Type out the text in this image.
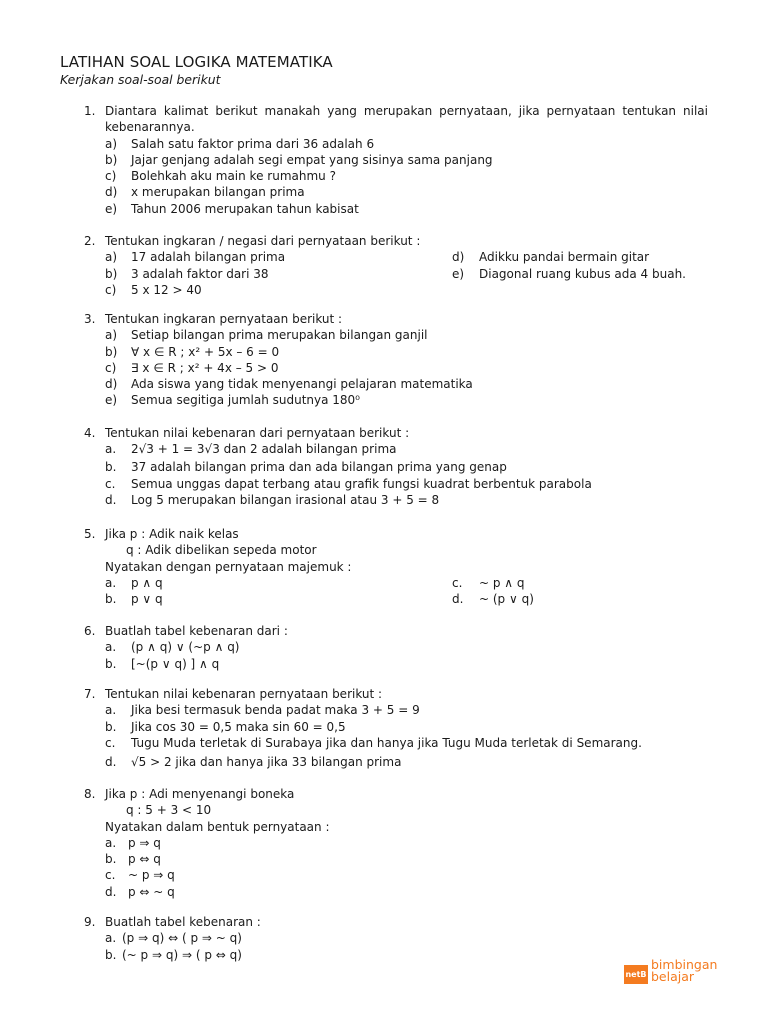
LATIHAN SOAL LOGIKA MATEMATIKA
Kerjakan soal-soal berikut
1. Diantara kalimat berikut manakah yang merupakan pernyataan, jika pernyataan tentukan nilai kebenarannya.
a) Salah satu faktor prima dari 36 adalah 6
b) Jajar genjang adalah segi empat yang sisinya sama panjang
c) Bolehkah aku main ke rumahmu ?
d) x merupakan bilangan prima
e) Tahun 2006 merupakan tahun kabisat
2. Tentukan ingkaran / negasi dari pernyataan berikut :
a) 17 adalah bilangan prima	d) Adikku pandai bermain gitar
b) 3 adalah faktor dari 38	e) Diagonal ruang kubus ada 4 buah.
c) 5 x 12 > 40
3. Tentukan ingkaran pernyataan berikut :
a) Setiap bilangan prima merupakan bilangan ganjil
b) ∀ x ∈ R ; x² + 5x – 6 = 0
c) ∃ x ∈ R ; x² + 4x – 5 > 0
d) Ada siswa yang tidak menyenangi pelajaran matematika
e) Semua segitiga jumlah sudutnya 180⁰
4. Tentukan nilai kebenaran dari pernyataan berikut :
a. 2√3 + 1 = 3√3 dan 2 adalah bilangan prima
b. 37 adalah bilangan prima dan ada bilangan prima yang genap
c. Semua unggas dapat terbang atau grafik fungsi kuadrat berbentuk parabola
d. Log 5 merupakan bilangan irasional atau 3 + 5 = 8
5. Jika p : Adik naik kelas
q : Adik dibelikan sepeda motor
Nyatakan dengan pernyataan majemuk :
a. p ∧ q	c. ~ p ∧ q
b. p ∨ q	d. ~ (p ∨ q)
6. Buatlah tabel kebenaran dari :
a. (p ∧ q) ∨ (~p ∧ q)
b. [~(p ∨ q) ] ∧ q
7. Tentukan nilai kebenaran pernyataan berikut :
a. Jika besi termasuk benda padat maka 3 + 5 = 9
b. Jika cos 30 = 0,5 maka sin 60 = 0,5
c. Tugu Muda terletak di Surabaya jika dan hanya jika Tugu Muda terletak di Semarang.
d. √5 > 2 jika dan hanya jika 33 bilangan prima
8. Jika p : Adi menyenangi boneka
q : 5 + 3 < 10
Nyatakan dalam bentuk pernyataan :
a. p ⇒ q
b. p ⇔ q
c. ~ p ⇒ q
d. p ⇔ ~ q
9. Buatlah tabel kebenaran :
a. (p ⇒ q) ⇔ ( p ⇒ ~ q)
b. (~ p ⇒ q) ⇒ ( p ⇔ q)
netB
bimbingan
belajar
